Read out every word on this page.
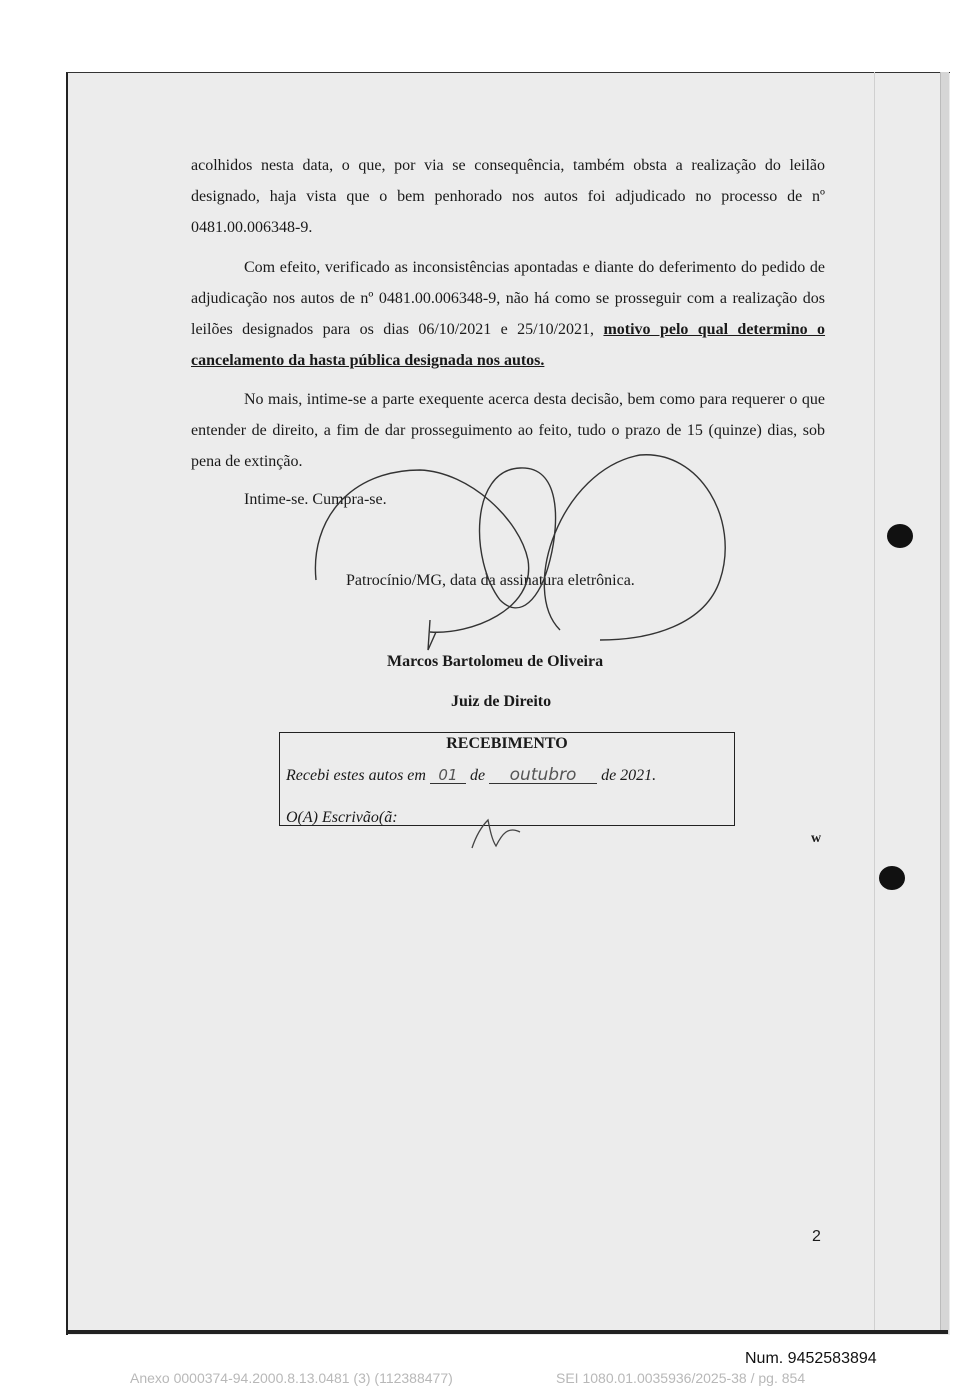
acolhidos nesta data, o que, por via se consequência, também obsta a realização do leilão designado, haja vista que o bem penhorado nos autos foi adjudicado no processo de nº 0481.00.006348-9.

Com efeito, verificado as inconsistências apontadas e diante do deferimento do pedido de adjudicação nos autos de nº 0481.00.006348-9, não há como se prosseguir com a realização dos leilões designados para os dias 06/10/2021 e 25/10/2021, motivo pelo qual determino o cancelamento da hasta pública designada nos autos.

No mais, intime-se a parte exequente acerca desta decisão, bem como para requerer o que entender de direito, a fim de dar prosseguimento ao feito, tudo o prazo de 15 (quinze) dias, sob pena de extinção.

Intime-se. Cumpra-se.
Patrocínio/MG, data da assinatura eletrônica.
Marcos Bartolomeu de Oliveira
Juiz de Direito
RECEBIMENTO
Recebi estes autos em 01 de outubro de 2021.
O(A) Escrivão(ã:
w
2
Num. 9452583894
Anexo 0000374-94.2000.8.13.0481 (3) (112388477)	SEI 1080.01.0035936/2025-38 / pg. 854
